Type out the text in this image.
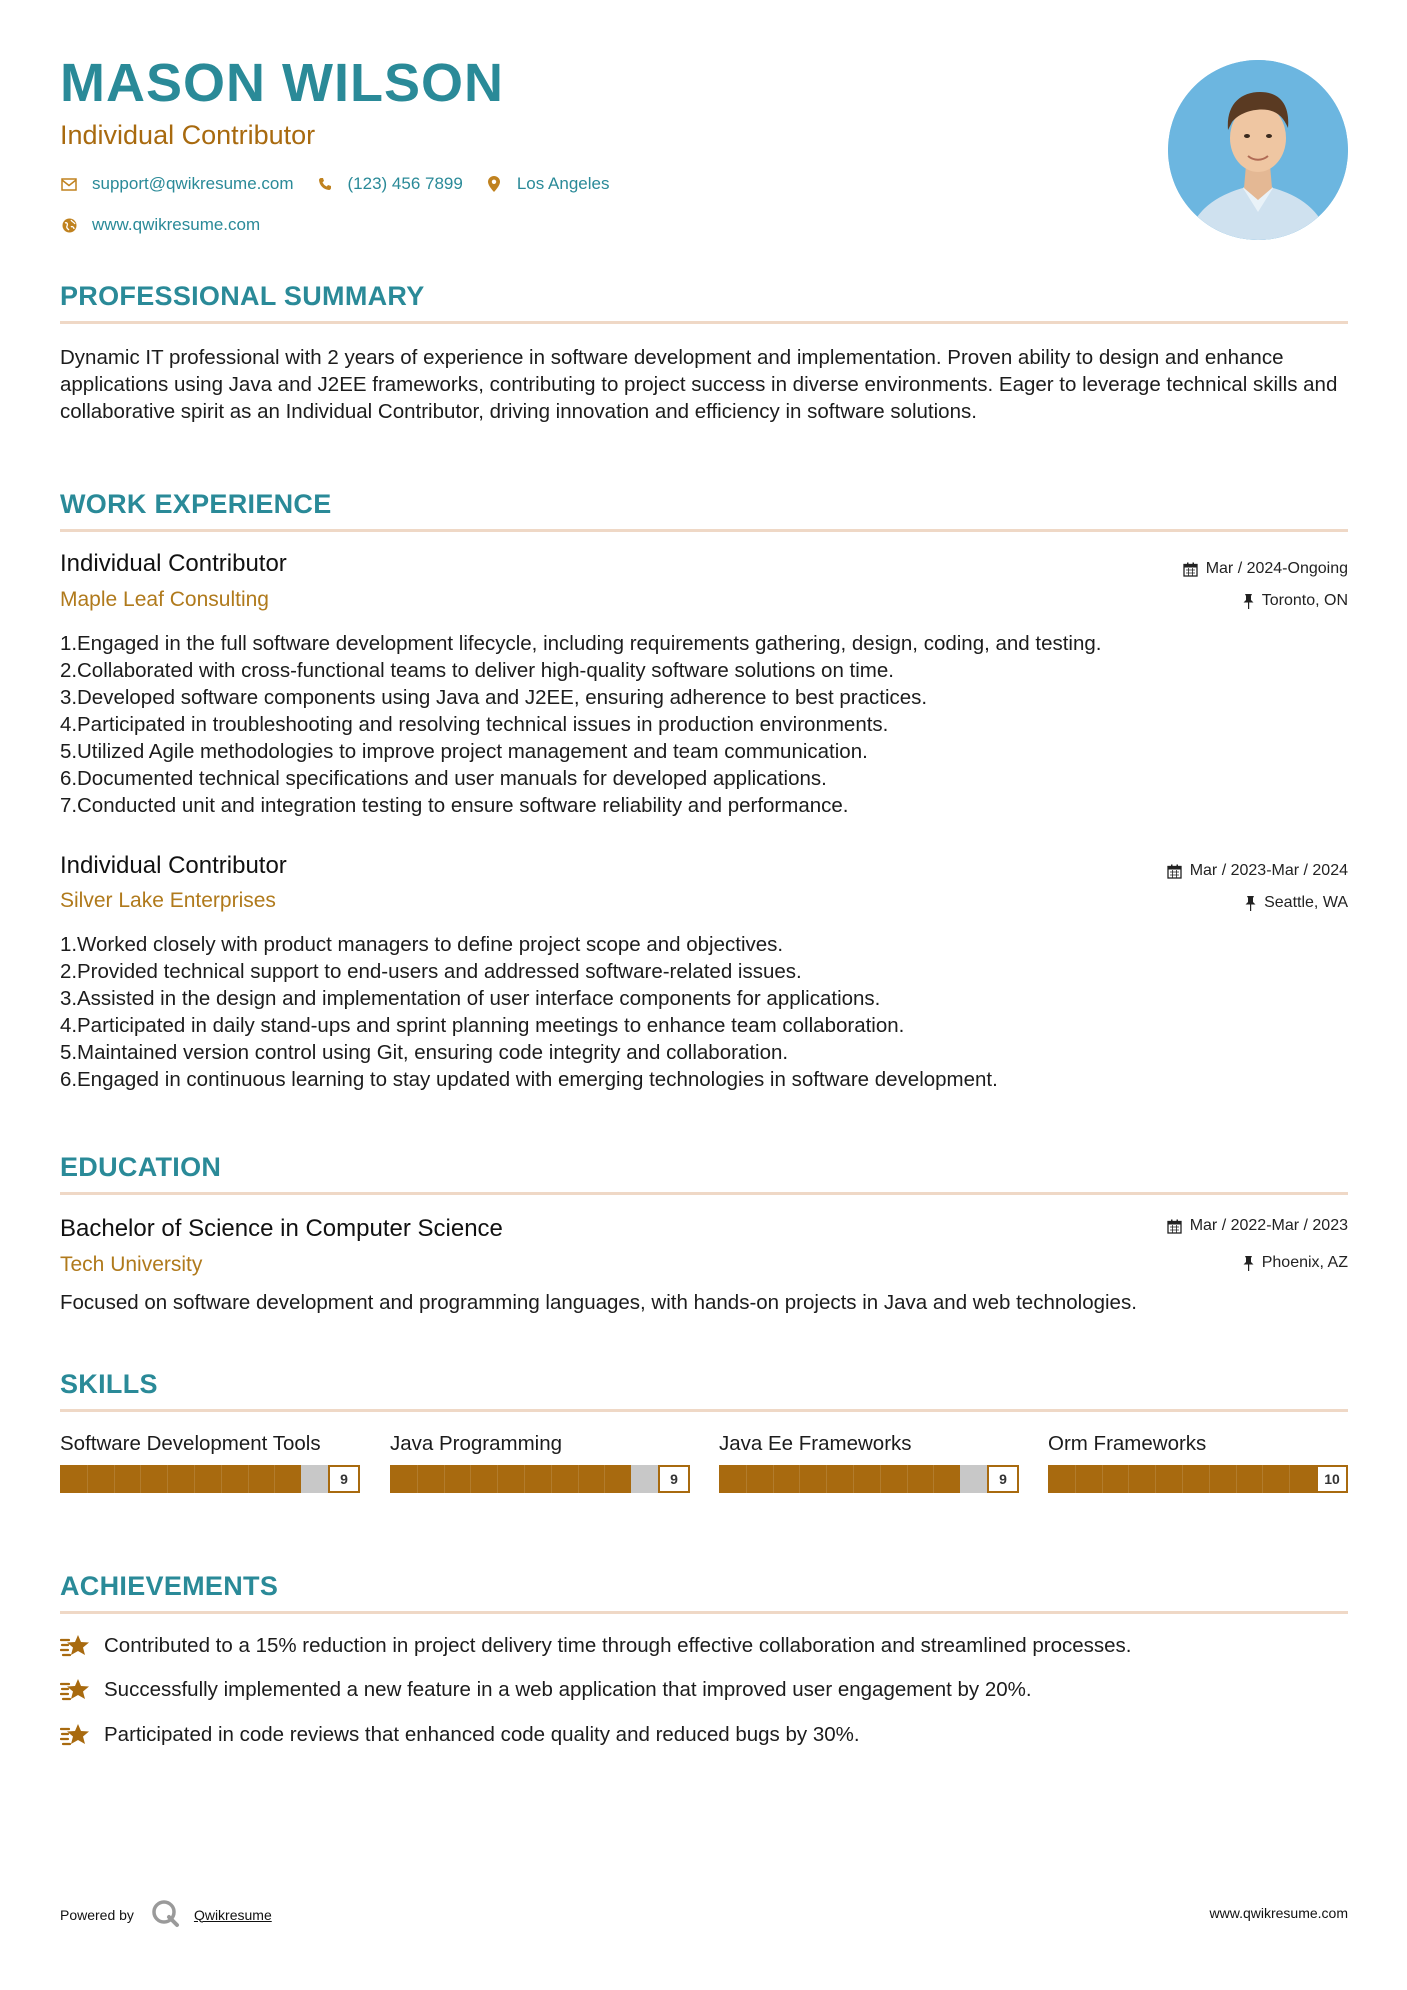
MASON WILSON
Individual Contributor
support@qwikresume.com	(123) 456 7899	Los Angeles
www.qwikresume.com
PROFESSIONAL SUMMARY
Dynamic IT professional with 2 years of experience in software development and implementation. Proven ability to design and enhance applications using Java and J2EE frameworks, contributing to project success in diverse environments. Eager to leverage technical skills and collaborative spirit as an Individual Contributor, driving innovation and efficiency in software solutions.
WORK EXPERIENCE
Individual Contributor	Mar / 2024-Ongoing
Maple Leaf Consulting	Toronto, ON
1. Engaged in the full software development lifecycle, including requirements gathering, design, coding, and testing.
2. Collaborated with cross-functional teams to deliver high-quality software solutions on time.
3. Developed software components using Java and J2EE, ensuring adherence to best practices.
4. Participated in troubleshooting and resolving technical issues in production environments.
5. Utilized Agile methodologies to improve project management and team communication.
6. Documented technical specifications and user manuals for developed applications.
7. Conducted unit and integration testing to ensure software reliability and performance.
Individual Contributor	Mar / 2023-Mar / 2024
Silver Lake Enterprises	Seattle, WA
1. Worked closely with product managers to define project scope and objectives.
2. Provided technical support to end-users and addressed software-related issues.
3. Assisted in the design and implementation of user interface components for applications.
4. Participated in daily stand-ups and sprint planning meetings to enhance team collaboration.
5. Maintained version control using Git, ensuring code integrity and collaboration.
6. Engaged in continuous learning to stay updated with emerging technologies in software development.
EDUCATION
Bachelor of Science in Computer Science	Mar / 2022-Mar / 2023
Tech University	Phoenix, AZ
Focused on software development and programming languages, with hands-on projects in Java and web technologies.
SKILLS
Software Development Tools
9
Java Programming
9
Java Ee Frameworks
9
Orm Frameworks
10
ACHIEVEMENTS
Contributed to a 15% reduction in project delivery time through effective collaboration and streamlined processes.
Successfully implemented a new feature in a web application that improved user engagement by 20%.
Participated in code reviews that enhanced code quality and reduced bugs by 30%.
Powered by	Qwikresume	www.qwikresume.com
